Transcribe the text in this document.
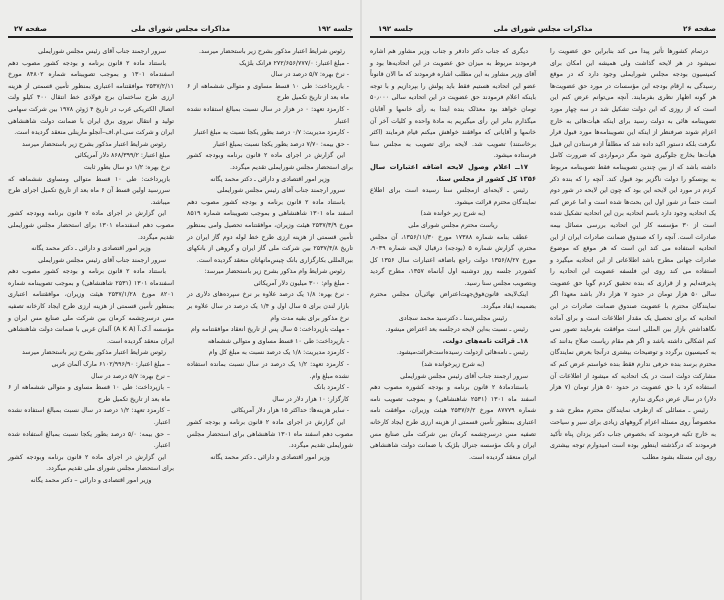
جلسه ۱۹۲
مذاکرات مجلس شورای ملی
صفحه ۲۷

رئوس شرایط اعتبار مذکور بشرح زیر باستحضار میرسد.

- مبلغ اعتبار: ۲۷۲/۶۵۶/۷۷۷/۰ فرانک بلژیک

- نرخ بهره: ۵/۷ درصد در سال

- بازپرداخت: طی ۱۰ قسط مساوی و متوالی ششماهه از ۶ ماه بعد از تاریخ تکمیل طرح

- کارمزد تعهد: ۰ در هزار در سال نسبت بمبالغ استفاده نشده اعتبار

- کارمزد مدیریت: ۰/۷ درصد بطور یکجا نسبت به مبلغ اعتبار

- حق بیمه: ۷/۷۰ درصد بطور یکجا نسبت بمبلغ اعتبار

این گزارش در اجرای ماده ۲ قانون برنامه وبودجه کشور برای استحضار مجلس شورایملی تقدیم میگردد.

وزیر امور اقتصادی و دارائی ـ دکتر محمد یگانه

سرور ارجمند جناب آقای رئیس مجلس شورایملی

باستناد ماده ۲ قانون برنامه و بودجه کشور مصوب دهم اسفند ماه ۱۳۰۱ شاهنشاهی و بموجب تصویبنامه شماره ۸۵۱۹ مورخ ۲۵۳۷/۳/۹ هیئت وزیران، موافقتنامه تحصیل وامی بمنظور تأمین قسمتی از هزینه ارزی طرح خط لوله دوم گاز ایران در تاریخ ۲۵۳۷/۴/۸ بین شرکت ملی گاز ایران و گروهی از بانکهای بین‌المللی بکارگزاری بانک چیس‌مانهاتان منعقد گردیده است.

رئوس شرایط وام مذکور بشرح زیر باستحضار میرسد:

- مبلغ وام: ۳۰۰ میلیون دلار آمریکائی

- نرخ بهره: ۱/۸ یک درصد علاوه بر نرخ سپرده‌های دلاری در بازار لندن برای ۵ سال اول و ۱/۴ یک درصد در سال علاوه بر نرخ مذکور برای بقیه مدت وام

- مهلت بازپرداخت: ۵ سال پس از تاریخ انعقاد موافقتنامه وام

- بازپرداخت: طی ۱۰ قسط مساوی و متوالی ششماهه

- کارمزد مدیریت: ۱/۸ یک درصد نسبت به مبلغ کل وام

- کارمزد تعهد: ۱/۲ یک درصد در سال نسبت بمانده استفاده نشده مبلغ وام.

- کارمزد بانک

کارگزار: ۱۰ هزار دلار در سال

- سایر هزینه‌ها: حداکثر ۱۵ هزار دلار آمریکائی

این گزارش در اجرای ماده ۲ قانون برنامه و بودجه کشور مصوب دهم اسفند ماه ۱۳۰۱ شاهنشاهی برای استحضار مجلس شورایملی تقدیم میگردد.

وزیر امور اقتصادی و دارائی ـ دکتر محمد یگانه

سرور ارجمند جناب آقای رئیس مجلس شورایملی

باستناد ماده ۲ قانون برنامه و بودجه کشور مصوب دهم اسفندماه ۱۳۰۱ و بموجب تصویبنامه شماره ۸۴۸۰۲ مورخ ۲۵۳۷/۲/۱۱ موافقتنامه اعتباری بمنظور تأمین قسمتی از هزینه ارزی طرح ساختمان برج فولادی خط انتقال ۴۰۰ کیلو ولت اتصال الکتریکی غرب در تاریخ ۴ ژوئن ۱۹۷۸ بین شرکت سهامی تولید و انتقال نیروی برق ایران با ضمانت دولت شاهنشاهی ایران و شرکت سی.ام.اف–آنجلو مارینلی منعقد گردیده است.

رئوس شرایط اعتبار مذکور بشرح زیر باستحضار میرسد

مبلغ اعتبار: ۸۶۸/۳۹۹/۲ دلار آمریکائی

نرخ بهره: ۱/۲ دو سال بطور ثابت

بازپرداخت: طی ۱۰ قسط متوالی ومساوی ششماهه که سررسید اولین قسط آن ۶ ماه بعد از تاریخ تکمیل اجرای طرح میباشد.

این گزارش در اجرای ماده ۲ قانون برنامه وبودجه کشور مصوب دهم اسفندماه ۱۳۰۱ برای استحضار مجلس شورایملی تقدیم میگردد.

وزیر امور اقتصادی و دارائی ـ دکتر محمد یگانه

سرور ارجمند جناب آقای رئیس مجلس شورایملی

باستناد ماده ۲ قانون برنامه و بودجه کشور مصوب دهم اسفندماه ۱۳۰۱ (۲۵۳۱ شاهنشاهی) و بموجب تصویبنامه شماره ۸۲۰۱ مورخ ۲۵۳۷/۱/۲۸ هیئت وزیران، موافقتنامه اعتباری بمنظور تأمین قسمتی از هزینه ارزی طرح ایجاد کارخانه تصفیه مس درسرچشمه کرمان بین شرکت ملی صنایع مس ایران و مؤسسه آ.ک.آ (A K A) آلمان غربی با ضمانت دولت شاهنشاهی ایران منعقد گردیده است.

رئوس شرایط اعتبار مذکور بشرح زیر باستحضار میرسد

– مبلغ اعتبار: ۶۱۰۲/۹۹۶/۹۰ مارک آلمان غربی

– نرخ بهره: ۵/۷ درصد در سال

– بازپرداخت: طی ۱۰ قسط مساوی و متوالی ششماهه از ۶ ماه بعد از تاریخ تکمیل طرح

– کارمزد تعهد: ۱/۲ درصد در سال نسبت بمبالغ استفاده نشده اعتبار.

– حق بیمه: ۵/۰ درصد بطور یکجا نسبت بمبالغ استفاده شده اعتبار.

این گزارش در اجرای ماده ۲ قانون برنامه وبودجه کشور برای استحضار مجلس شورای ملی تقدیم میگردد.

وزیر امور اقتصادی و دارائی – دکتر محمد یگانه

صفحه ۲۶
مذاکرات مجلس شورای ملی
جلسه ۱۹۲

درتمام کشورها تأثیر پیدا می کند بنابراین حق عضویت را نمیشود در هر لایحه گذاشت ولی همیشه این امکان برای کمیسیون بودجه مجلس شورایملی وجود دارد که در موقع رسیدگی به ارقام بودجه این مؤسسات در مورد حق عضویت‌ها هر گونه اظهار نظری بفرمایند. آنچه می‌توانم عرض کنم این است که از روزی که این دولت تشکیل شد در سه چهار مورد تصویبنامه هائی به دولت رسید برای اینکه هیأت‌هائی به خارج اعزام شوند صرفنظر از اینکه این تصویبنامه‌ها مورد قبول قرار نگرفت بلکه دستور اکید داده شد که مطلقاً از فرستادن این قبیل هیأت‌ها بخارج جلوگیری شود مگر درمواردی که ضرورت کامل داشته باشد که از بین چندین تصویبنامه فقط تصویبنامه مربوط به یونسکو را دولت ناگزیر بود قبول کند. آنچه را که بنده ذکر کردم در مورد این لایحه این بود که چون این لایحه در شور دوم است حتماً در شور اول این بحث‌ها شده است و اما عرض کنم یک اتحادیه وجود دارد باسم اتحادیه برن این اتحادیه تشکیل شده است از ۳۰ مؤسسه کار این اتحادیه بررسی مسائل بیمه صادرات است. آنچه را که صندوق ضمانت صادرات ایران از این اتحادیه استفاده می کند این است که هر موقع که موضوع صادرات جهانی مطرح باشد اطلاعاتی از این اتحادیه میگیرد و استفاده می کند روی این فلسفه عضویت این اتحادیه را پذیرفته‌ایم و از قراری که بنده تحقیق کردم گویا حق عضویت سالی ۵۰ هزار تومان در حدود ۷ هزار دلار باشد معهذا اگر نمایندگان محترم با عضویت صندوق ضمانت صادرات در این اتحادیه که برای تحصیل یک مقدار اطلاعات است و برای آماده نگاهداشتن بازار بین المللی است موافقت بفرمایند تصور نمی کنم اشکالی داشته باشد و اگر هم مقام ریاست صلاح بدانند که به کمیسیون برگردد و توضیحات بیشتری درآنجا بعرض نمایندگان محترم برسد بنده حرفی ندارم فقط بنده خواستم عرض کنم که مشارکت دولت است در یک اتحادیه که میشود از اطلاعات آن استفاده کرد با حق عضویت در حدود ۵۰ هزار تومان (۷ هزار دلار) در سال عرض دیگری ندارم.

رئیس ـ مسائلی که ازطرف نمایندگان محترم مطرح شد و مخصوصاً روی مسئله اعزام گروههای زیادی برای سیر و سیاحت به خارج تکیه فرمودند که بخصوص جناب دکتر یزدان پناه تأکید فرمودند که درگذشته اینطور بوده است امیدوارم توجه بیشتری روی این مسئله بشود مطلب

دیگری که جناب دکتر دادفر و جناب وزیر مشاور هم اشاره فرمودند مربوط به میزان حق عضویت در این اتحادیه‌ها بود و آقای وزیر مشاور به این مطلب اشاره فرمودند که ما الان قانوناً عضو این اتحادیه هستیم فقط باید پولش را بپردازیم و با توجه باینکه اعلام فرمودند حق عضویت در این اتحادیه سالی ۵۰٫۰۰۰ تومان خواهد بود معذلک بنده ابتدا به رأی خانمها و آقایان میگذارم بنابر این رأی میگیریم به مادهٔ واحده و کلیات آخر آن خانمها و آقایانی که موافقند خواهش میکنم قیام فرمایند (اکثر برخاستند) تصویب شد. لایحه برای تصویب به مجلس سنا فرستاده میشود.

۱۷ــ اعلام وصول لایحه اضافه اعتبارات سال ۱۳۵۶ کل کشور از مجلس سنا.

رئیس ـ لایحه‌ای ازمجلس سنا رسیده است برای اطلاع نمایندگان محترم قرائت میشود.

(به شرح زیر خوانده شد)

ریاست محترم مجلس شورای ملی

عطف بنامه شماره ۱۷۳۸۸ مورخ ۱۳۵۶/۱۱/۳۰، آن مجلس محترم، گزارش شماره ۵ (بودجه) درقبال لایحه شماره ۹۰۳۹، مورخ ۱۳۵۶/۸/۲۷ دولت راجع باضافه اعتبارات سال ۱۳۵۶ کل کشوردر جلسه روز دوشنبه اول آبانماه ۱۳۵۷، مطرح گردید وبتصویب مجلس سنا رسید.

اینک‌لایحه قانون‌فوق‌جهت‌اعتراض نهائی‌آن مجلس محترم بضمیمه ایفاد میگردد.

رئیس مجلس‌سنا ـ دکترسید محمد سجادی

رئیس ـ نسبت به‌این لایحه درجلسه بعد اعتراض میشود.

۱۸ـ قرائت نامه‌های دولت.

رئیس ـ نامه‌هائی ازدولت رسیده‌است‌قرائت‌میشود.

(به شرح زیرخوانده شد)

سرور ارجمند جناب آقای رئیس مجلس شورایملی

باستنادمادهٔ ۲ قانون برنامه و بودجه کشوره مصوب دهم اسفند ماه ۱۳۰۱ (۲۵۳۱ شاهنشاهی) و بموجب تصویب نامه شماره ۸۷۷۷۹ مورخ ۲۵۳۷/۶/۲ هیئت وزیران، موافقت نامه اعتباری بمنظور تأمین قسمتی از هزینه ارزی طرح ایجاد کارخانه تصفیه مس درسرچشمه کرمان بین شرکت ملی صنایع مس ایران و بانک مؤسسه جنرال بلژیک با ضمانت دولت شاهنشاهی ایران منعقد گردیده است.
